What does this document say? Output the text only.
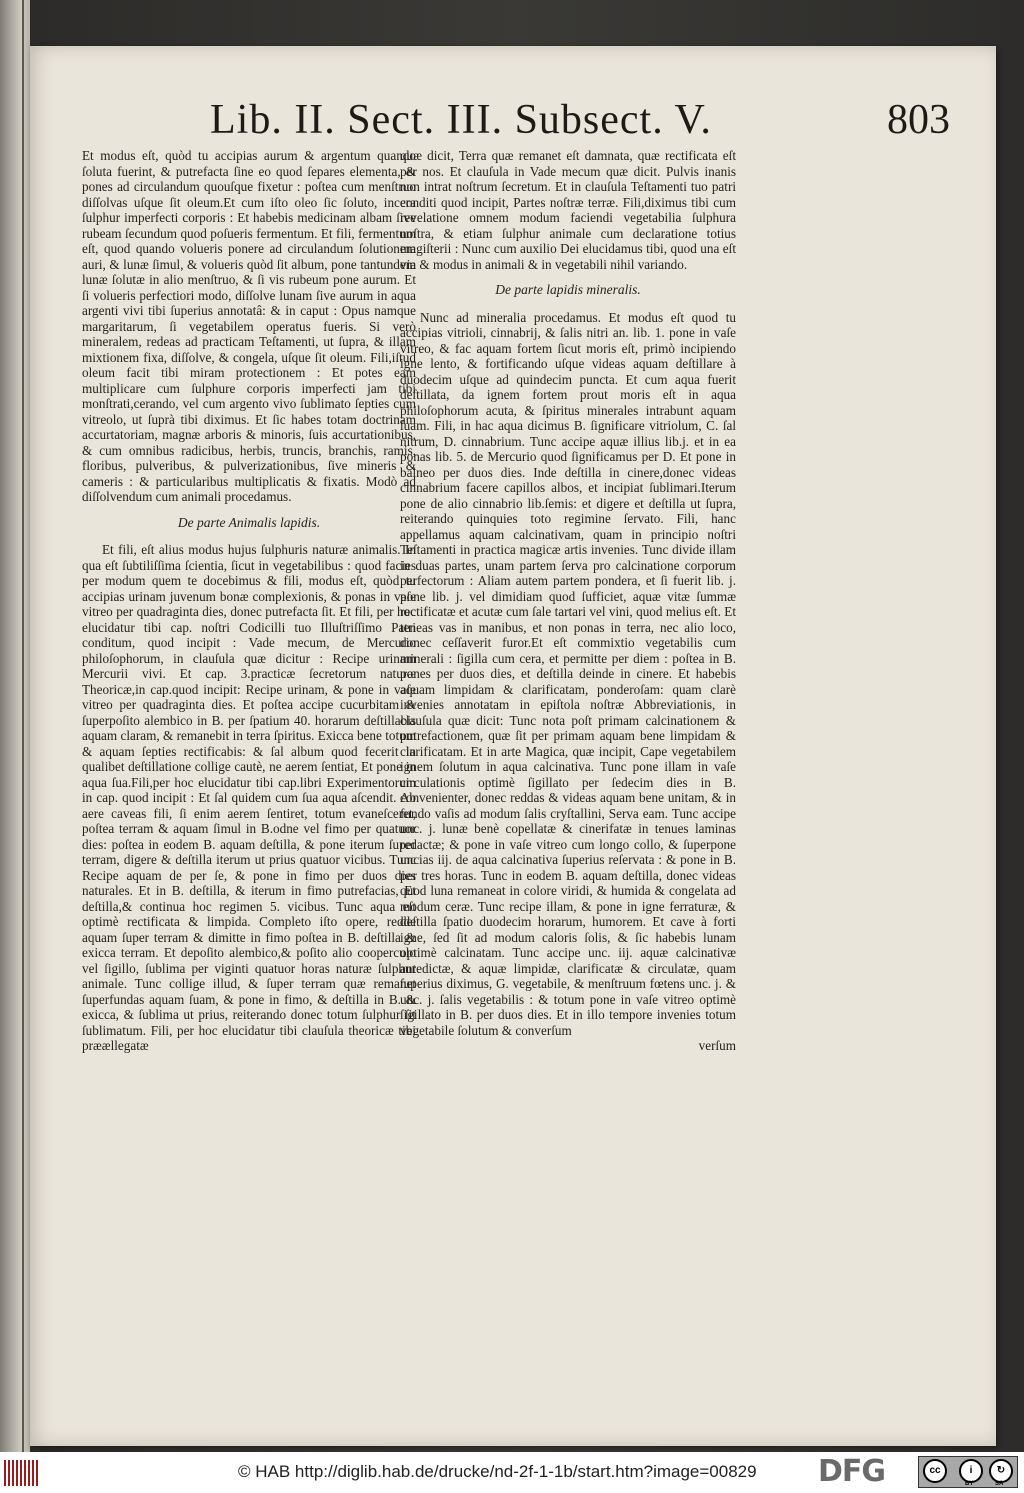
Lib. II. Sect. III. Subsect. V.	803

Et modus eſt, quòd tu accipias aurum & argentum quando ſoluta fuerint, & putrefacta ſine eo quod ſepares elementa, & pones ad circulandum quouſque fixetur : poſtea cum menſtruo diſſolvas uſque ſit oleum.Et cum iſto oleo ſic ſoluto, incera ſulphur imperfecti corporis : Et habebis medicinam albam ſive rubeam ſecundum quod poſueris fermentum. Et fili, fermentum eſt, quod quando volueris ponere ad circulandum ſolutionem auri, & lunæ ſimul, & volueris quòd ſit album, pone tantundem lunæ ſolutæ in alio menſtruo, & ſi vis rubeum pone aurum. Et ſi volueris perfectiori modo, diſſolve lunam ſive aurum in aqua argenti vivi tibi ſuperius annotatâ: & in caput : Opus namque margaritarum, ſi vegetabilem operatus fueris. Si verò mineralem, redeas ad practicam Teſtamenti, ut ſupra, & illam mixtionem fixa, diſſolve, & congela, uſque ſit oleum. Fili,iſtud oleum facit tibi miram protectionem : Et potes eam multiplicare cum ſulphure corporis imperfecti jam tibi monſtrati,cerando, vel cum argento vivo ſublimato ſepties cum vitreolo, ut ſuprà tibi diximus. Et ſic habes totam doctrinam accurtatoriam, magnæ arboris & minoris, ſuis accurtationibus, & cum omnibus radicibus, herbis, truncis, branchis, ramis, floribus, pulveribus, & pulverizationibus, ſive mineris & cameris : & particularibus multiplicatis & fixatis. Modò ad diſſolvendum cum animali procedamus.

De parte Animalis lapidis.

Et fili, eſt alius modus hujus ſulphuris naturæ animalis. In qua eſt ſubtiliſſima ſcientia, ſicut in vegetabilibus : quod facies per modum quem te docebimus & fili, modus eſt, quòd tu accipias urinam juvenum bonæ complexionis, & ponas in vaſe vitreo per quadraginta dies, donec putrefacta ſit. Et fili, per hoc elucidatur tibi cap. noſtri Codicilli tuo Illuſtriſſimo Patri conditum, quod incipit : Vade mecum, de Mercurio philoſophorum, in clauſula quæ dicitur : Recipe urinam Mercurii vivi. Et cap. 3.practicæ ſecretorum naturæ Theoricæ,in cap.quod incipit: Recipe urinam, & pone in vaſe vitreo per quadraginta dies. Et poſtea accipe cucurbitam & ſuperpoſito alembico in B. per ſpatium 40. horarum deſtillabis aquam claram, & remanebit in terra ſpiritus. Exicca bene totum & aquam ſepties rectificabis: & ſal album quod fecerit in qualibet deſtillatione collige cautè, ne aerem ſentiat, Et pone in aqua ſua.Fili,per hoc elucidatur tibi cap.libri Experimentorum in cap. quod incipit : Et ſal quidem cum ſua aqua aſcendit. Ab aere caveas fili, ſi enim aerem ſentiret, totum evaneſceret, poſtea terram & aquam ſimul in B.odne vel fimo per quatuor dies: poſtea in eodem B. aquam deſtilla, & pone iterum ſuper terram, digere & deſtilla iterum ut prius quatuor vicibus. Tunc Recipe aquam de per ſe, & pone in fimo per duos dies naturales. Et in B. deſtilla, & iterum in fimo putrefacias, Et deſtilla,& continua hoc regimen 5. vicibus. Tunc aqua eſt optimè rectificata & limpida. Completo iſto opere, redde aquam ſuper terram & dimitte in fimo poſtea in B. deſtilla & exicca terram. Et depoſito alembico,& poſito alio cooperculo vel ſigillo, ſublima per viginti quatuor horas naturæ ſulphur animale. Tunc collige illud, & ſuper terram quæ remanet ſuperfundas aquam ſuam, & pone in fimo, & deſtilla in B. & exicca, & ſublima ut prius, reiterando donec totum ſulphur ſit ſublimatum. Fili, per hoc elucidatur tibi clauſula theoricæ tibi præællegatæ

quæ dicit, Terra quæ remanet eſt damnata, quæ rectificata eſt per nos. Et clauſula in Vade mecum quæ dicit. Pulvis inanis non intrat noſtrum ſecretum. Et in clauſula Teſtamenti tuo patri conditi quod incipit, Partes noſtræ terræ. Fili,diximus tibi cum revelatione omnem modum faciendi vegetabilia ſulphura noſtra, & etiam ſulphur animale cum declaratione totius magiſterii : Nunc cum auxilio Dei elucidamus tibi, quod una eſt via & modus in animali & in vegetabili nihil variando.

De parte lapidis mineralis.

Nunc ad mineralia procedamus. Et modus eſt quod tu accipias vitrioli, cinnabrij, & ſalis nitri an. lib. 1. pone in vaſe vitreo, & fac aquam fortem ſicut moris eſt, primò incipiendo igne lento, & fortificando uſque videas aquam deſtillare à duodecim uſque ad quindecim puncta. Et cum aqua fuerit deſtillata, da ignem fortem prout moris eſt in aqua philoſophorum acuta, & ſpiritus minerales intrabunt aquam ſuam. Fili, in hac aqua dicimus B. ſignificare vitriolum, C. ſal nitrum, D. cinnabrium. Tunc accipe aquæ illius lib.j. et in ea ponas lib. 5. de Mercurio quod ſignificamus per D. Et pone in balneo per duos dies. Inde deſtilla in cinere,donec videas cinnabrium facere capillos albos, et incipiat ſublimari.Iterum pone de alio cinnabrio lib.ſemis: et digere et deſtilla ut ſupra, reiterando quinquies toto regimine ſervato. Fili, hanc appellamus aquam calcinativam, quam in principio noſtri Teſtamenti in practica magicæ artis invenies. Tunc divide illam in duas partes, unam partem ſerva pro calcinatione corporum perfectorum : Aliam autem partem pondera, et ſi fuerit lib. j. pone lib. j. vel dimidiam quod ſufficiet, aquæ vitæ ſummæ rectificatæ et acutæ cum ſale tartari vel vini, quod melius eſt. Et teneas vas in manibus, et non ponas in terra, nec alio loco, donec ceſſaverit furor.Et eſt commixtio vegetabilis cum minerali : ſigilla cum cera, et permitte per diem : poſtea in B. pones per duos dies, et deſtilla deinde in cinere. Et habebis aquam limpidam & clarificatam, ponderoſam: quam clarè invenies annotatam in epiſtola noſtræ Abbreviationis, in clauſula quæ dicit: Tunc nota poſt primam calcinationem & putrefactionem, quæ ſit per primam aquam bene limpidam & clarificatam. Et in arte Magica, quæ incipit, Cape vegetabilem ignem ſolutum in aqua calcinativa. Tunc pone illam in vaſe circulationis optimè ſigillato per ſedecim dies in B. convenienter, donec reddas & videas aquam bene unitam, & in fundo vaſis ad modum ſalis cryſtallini, Serva eam. Tunc accipe unc. j. lunæ benè copellatæ & cinerifatæ in tenues laminas redactæ; & pone in vaſe vitreo cum longo collo, & ſuperpone uncias iij. de aqua calcinativa ſuperius reſervata : & pone in B. per tres horas. Tunc in eodem B. aquam deſtilla, donec videas quod luna remaneat in colore viridi, & humida & congelata ad modum ceræ. Tunc recipe illam, & pone in igne ferraturæ, & deſtilla ſpatio duodecim horarum, humorem. Et cave à forti igne, ſed ſit ad modum caloris ſolis, & ſic habebis lunam optimè calcinatam. Tunc accipe unc. iij. aquæ calcinativæ antedictæ, & aquæ limpidæ, clarificatæ & circulatæ, quam ſuperius diximus, G. vegetabile, & menſtruum fœtens unc. j. & unc. j. ſalis vegetabilis : & totum pone in vaſe vitreo optimè ſigillato in B. per duos dies. Et in illo tempore invenies totum vegetabile ſolutum & converſum

verſum
© HAB http://diglib.hab.de/drucke/nd-2f-1-1b/start.htm?image=00829 DFG	cc	i	↻
BY	SA
